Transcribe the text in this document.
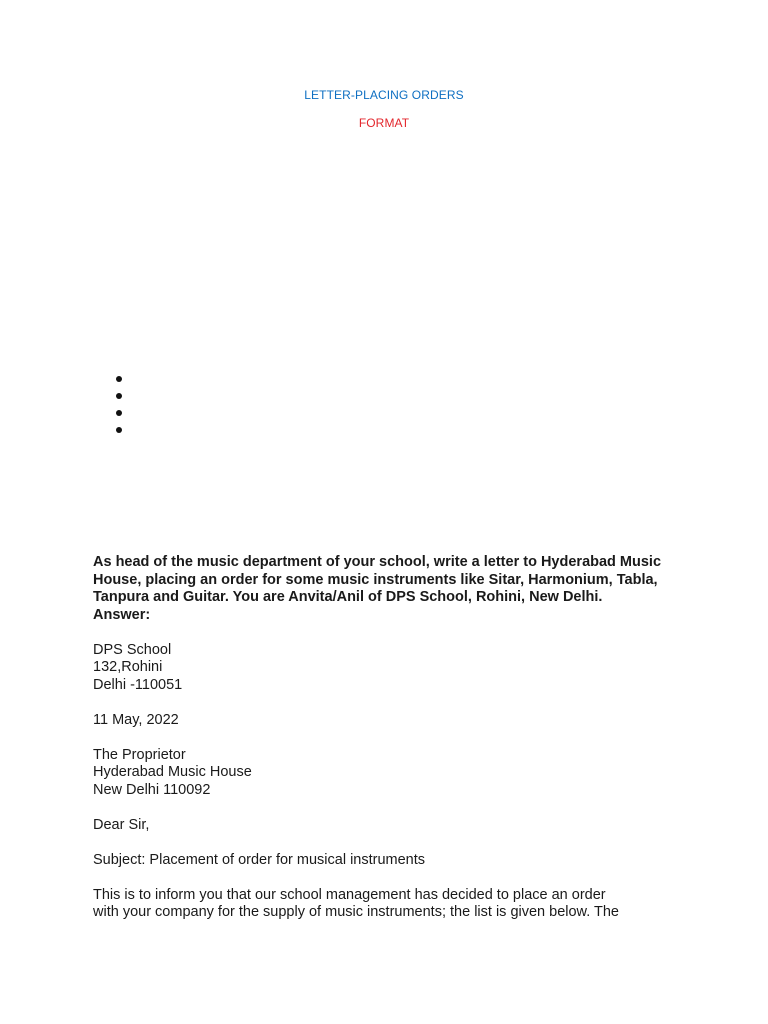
LETTER-PLACING ORDERS
FORMAT

As head of the music department of your school, write a letter to Hyderabad Music House, placing an order for some music instruments like Sitar, Harmonium, Tabla, Tanpura and Guitar. You are Anvita/Anil of DPS School, Rohini, New Delhi.
Answer:

DPS School
132,Rohini
Delhi -110051
11 May, 2022
The Proprietor
Hyderabad Music House
New Delhi 110092
Dear Sir,
Subject: Placement of order for musical instruments
This is to inform you that our school management has decided to place an order
with your company for the supply of music instruments; the list is given below. The
